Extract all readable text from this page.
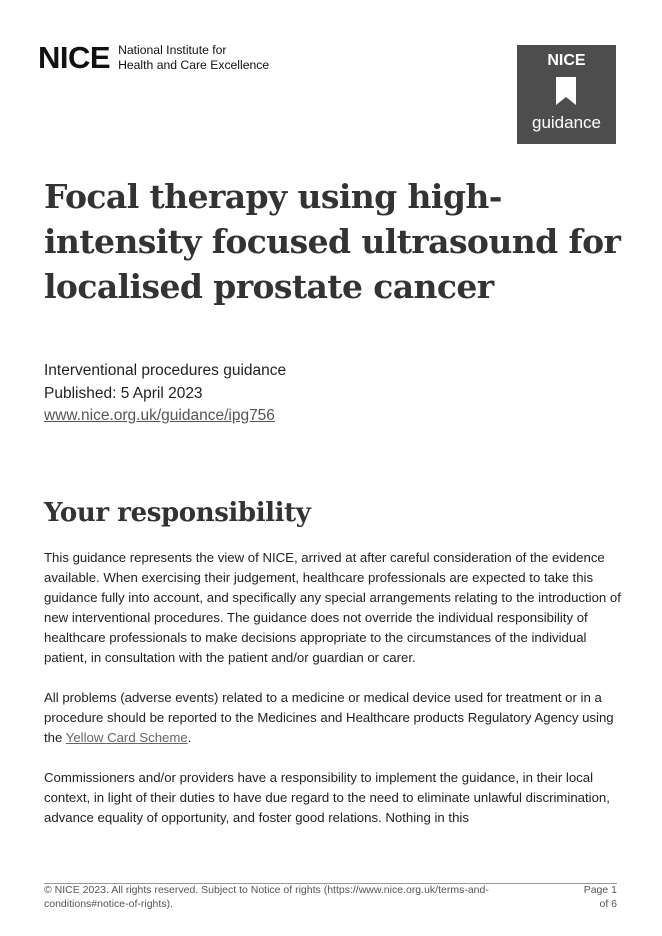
NICE National Institute for
Health and Care Excellence	NICE
guidance
Focal therapy using high-intensity focused ultrasound for localised prostate cancer
Interventional procedures guidance
Published: 5 April 2023
www.nice.org.uk/guidance/ipg756
Your responsibility

This guidance represents the view of NICE, arrived at after careful consideration of the evidence available. When exercising their judgement, healthcare professionals are expected to take this guidance fully into account, and specifically any special arrangements relating to the introduction of new interventional procedures. The guidance does not override the individual responsibility of healthcare professionals to make decisions appropriate to the circumstances of the individual patient, in consultation with the patient and/or guardian or carer.

All problems (adverse events) related to a medicine or medical device used for treatment or in a procedure should be reported to the Medicines and Healthcare products Regulatory Agency using the Yellow Card Scheme.

Commissioners and/or providers have a responsibility to implement the guidance, in their local context, in light of their duties to have due regard to the need to eliminate unlawful discrimination, advance equality of opportunity, and foster good relations. Nothing in this

© NICE 2023. All rights reserved. Subject to Notice of rights (https://www.nice.org.uk/terms-and-conditions#notice-of-rights).
Page 1
of 6
